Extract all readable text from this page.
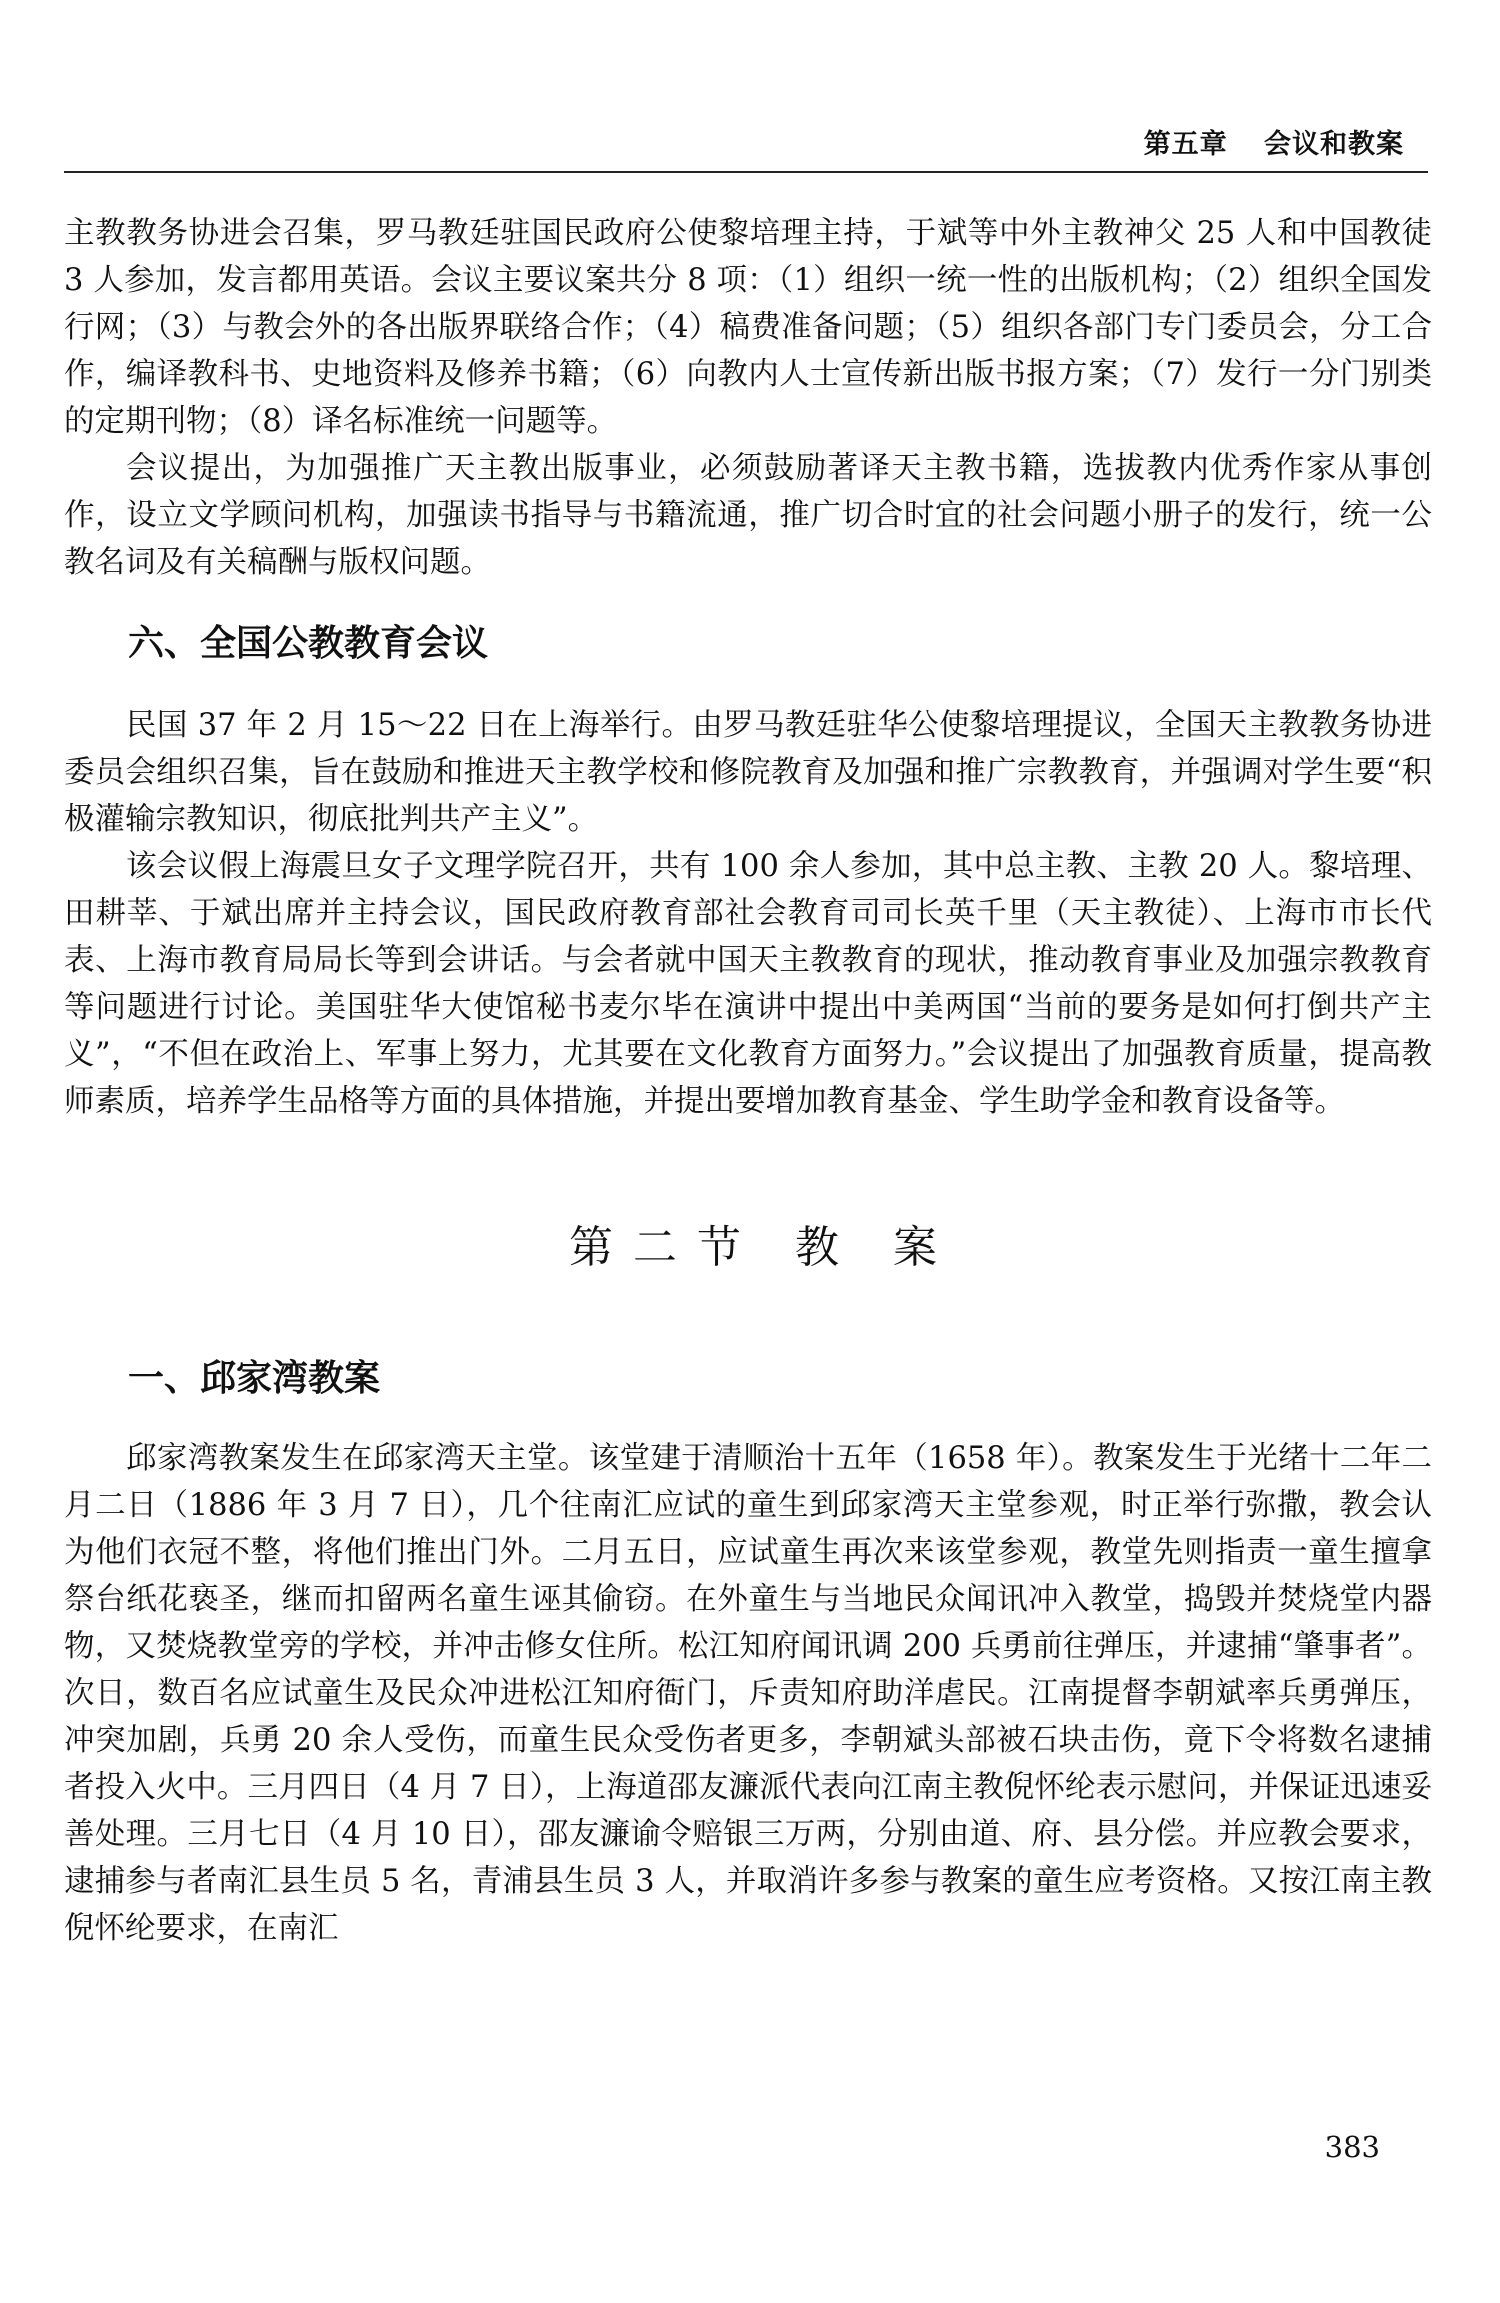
第五章 会议和教案

主教教务协进会召集，罗马教廷驻国民政府公使黎培理主持，于斌等中外主教神父 25 人和中国教徒 3 人参加，发言都用英语。会议主要议案共分 8 项：（1）组织一统一性的出版机构；（2）组织全国发行网；（3）与教会外的各出版界联络合作；（4）稿费准备问题；（5）组织各部门专门委员会，分工合作，编译教科书、史地资料及修养书籍；（6）向教内人士宣传新出版书报方案；（7）发行一分门别类的定期刊物；（8）译名标准统一问题等。

会议提出，为加强推广天主教出版事业，必须鼓励著译天主教书籍，选拔教内优秀作家从事创作，设立文学顾问机构，加强读书指导与书籍流通，推广切合时宜的社会问题小册子的发行，统一公教名词及有关稿酬与版权问题。

六、全国公教教育会议

民国 37 年 2 月 15～22 日在上海举行。由罗马教廷驻华公使黎培理提议，全国天主教教务协进委员会组织召集，旨在鼓励和推进天主教学校和修院教育及加强和推广宗教教育，并强调对学生要“积极灌输宗教知识，彻底批判共产主义”。

该会议假上海震旦女子文理学院召开，共有 100 余人参加，其中总主教、主教 20 人。黎培理、田耕莘、于斌出席并主持会议，国民政府教育部社会教育司司长英千里（天主教徒）、上海市市长代表、上海市教育局局长等到会讲话。与会者就中国天主教教育的现状，推动教育事业及加强宗教教育等问题进行讨论。美国驻华大使馆秘书麦尔毕在演讲中提出中美两国“当前的要务是如何打倒共产主义”，“不但在政治上、军事上努力，尤其要在文化教育方面努力。”会议提出了加强教育质量，提高教师素质，培养学生品格等方面的具体措施，并提出要增加教育基金、学生助学金和教育设备等。

第二节 教 案
一、邱家湾教案

邱家湾教案发生在邱家湾天主堂。该堂建于清顺治十五年（1658 年）。教案发生于光绪十二年二月二日（1886 年 3 月 7 日），几个往南汇应试的童生到邱家湾天主堂参观，时正举行弥撒，教会认为他们衣冠不整，将他们推出门外。二月五日，应试童生再次来该堂参观，教堂先则指责一童生擅拿祭台纸花亵圣，继而扣留两名童生诬其偷窃。在外童生与当地民众闻讯冲入教堂，捣毁并焚烧堂内器物，又焚烧教堂旁的学校，并冲击修女住所。松江知府闻讯调 200 兵勇前往弹压，并逮捕“肇事者”。次日，数百名应试童生及民众冲进松江知府衙门，斥责知府助洋虐民。江南提督李朝斌率兵勇弹压，冲突加剧，兵勇 20 余人受伤，而童生民众受伤者更多，李朝斌头部被石块击伤，竟下令将数名逮捕者投入火中。三月四日（4 月 7 日），上海道邵友濂派代表向江南主教倪怀纶表示慰问，并保证迅速妥善处理。三月七日（4 月 10 日），邵友濂谕令赔银三万两，分别由道、府、县分偿。并应教会要求，逮捕参与者南汇县生员 5 名，青浦县生员 3 人，并取消许多参与教案的童生应考资格。又按江南主教倪怀纶要求，在南汇

383
